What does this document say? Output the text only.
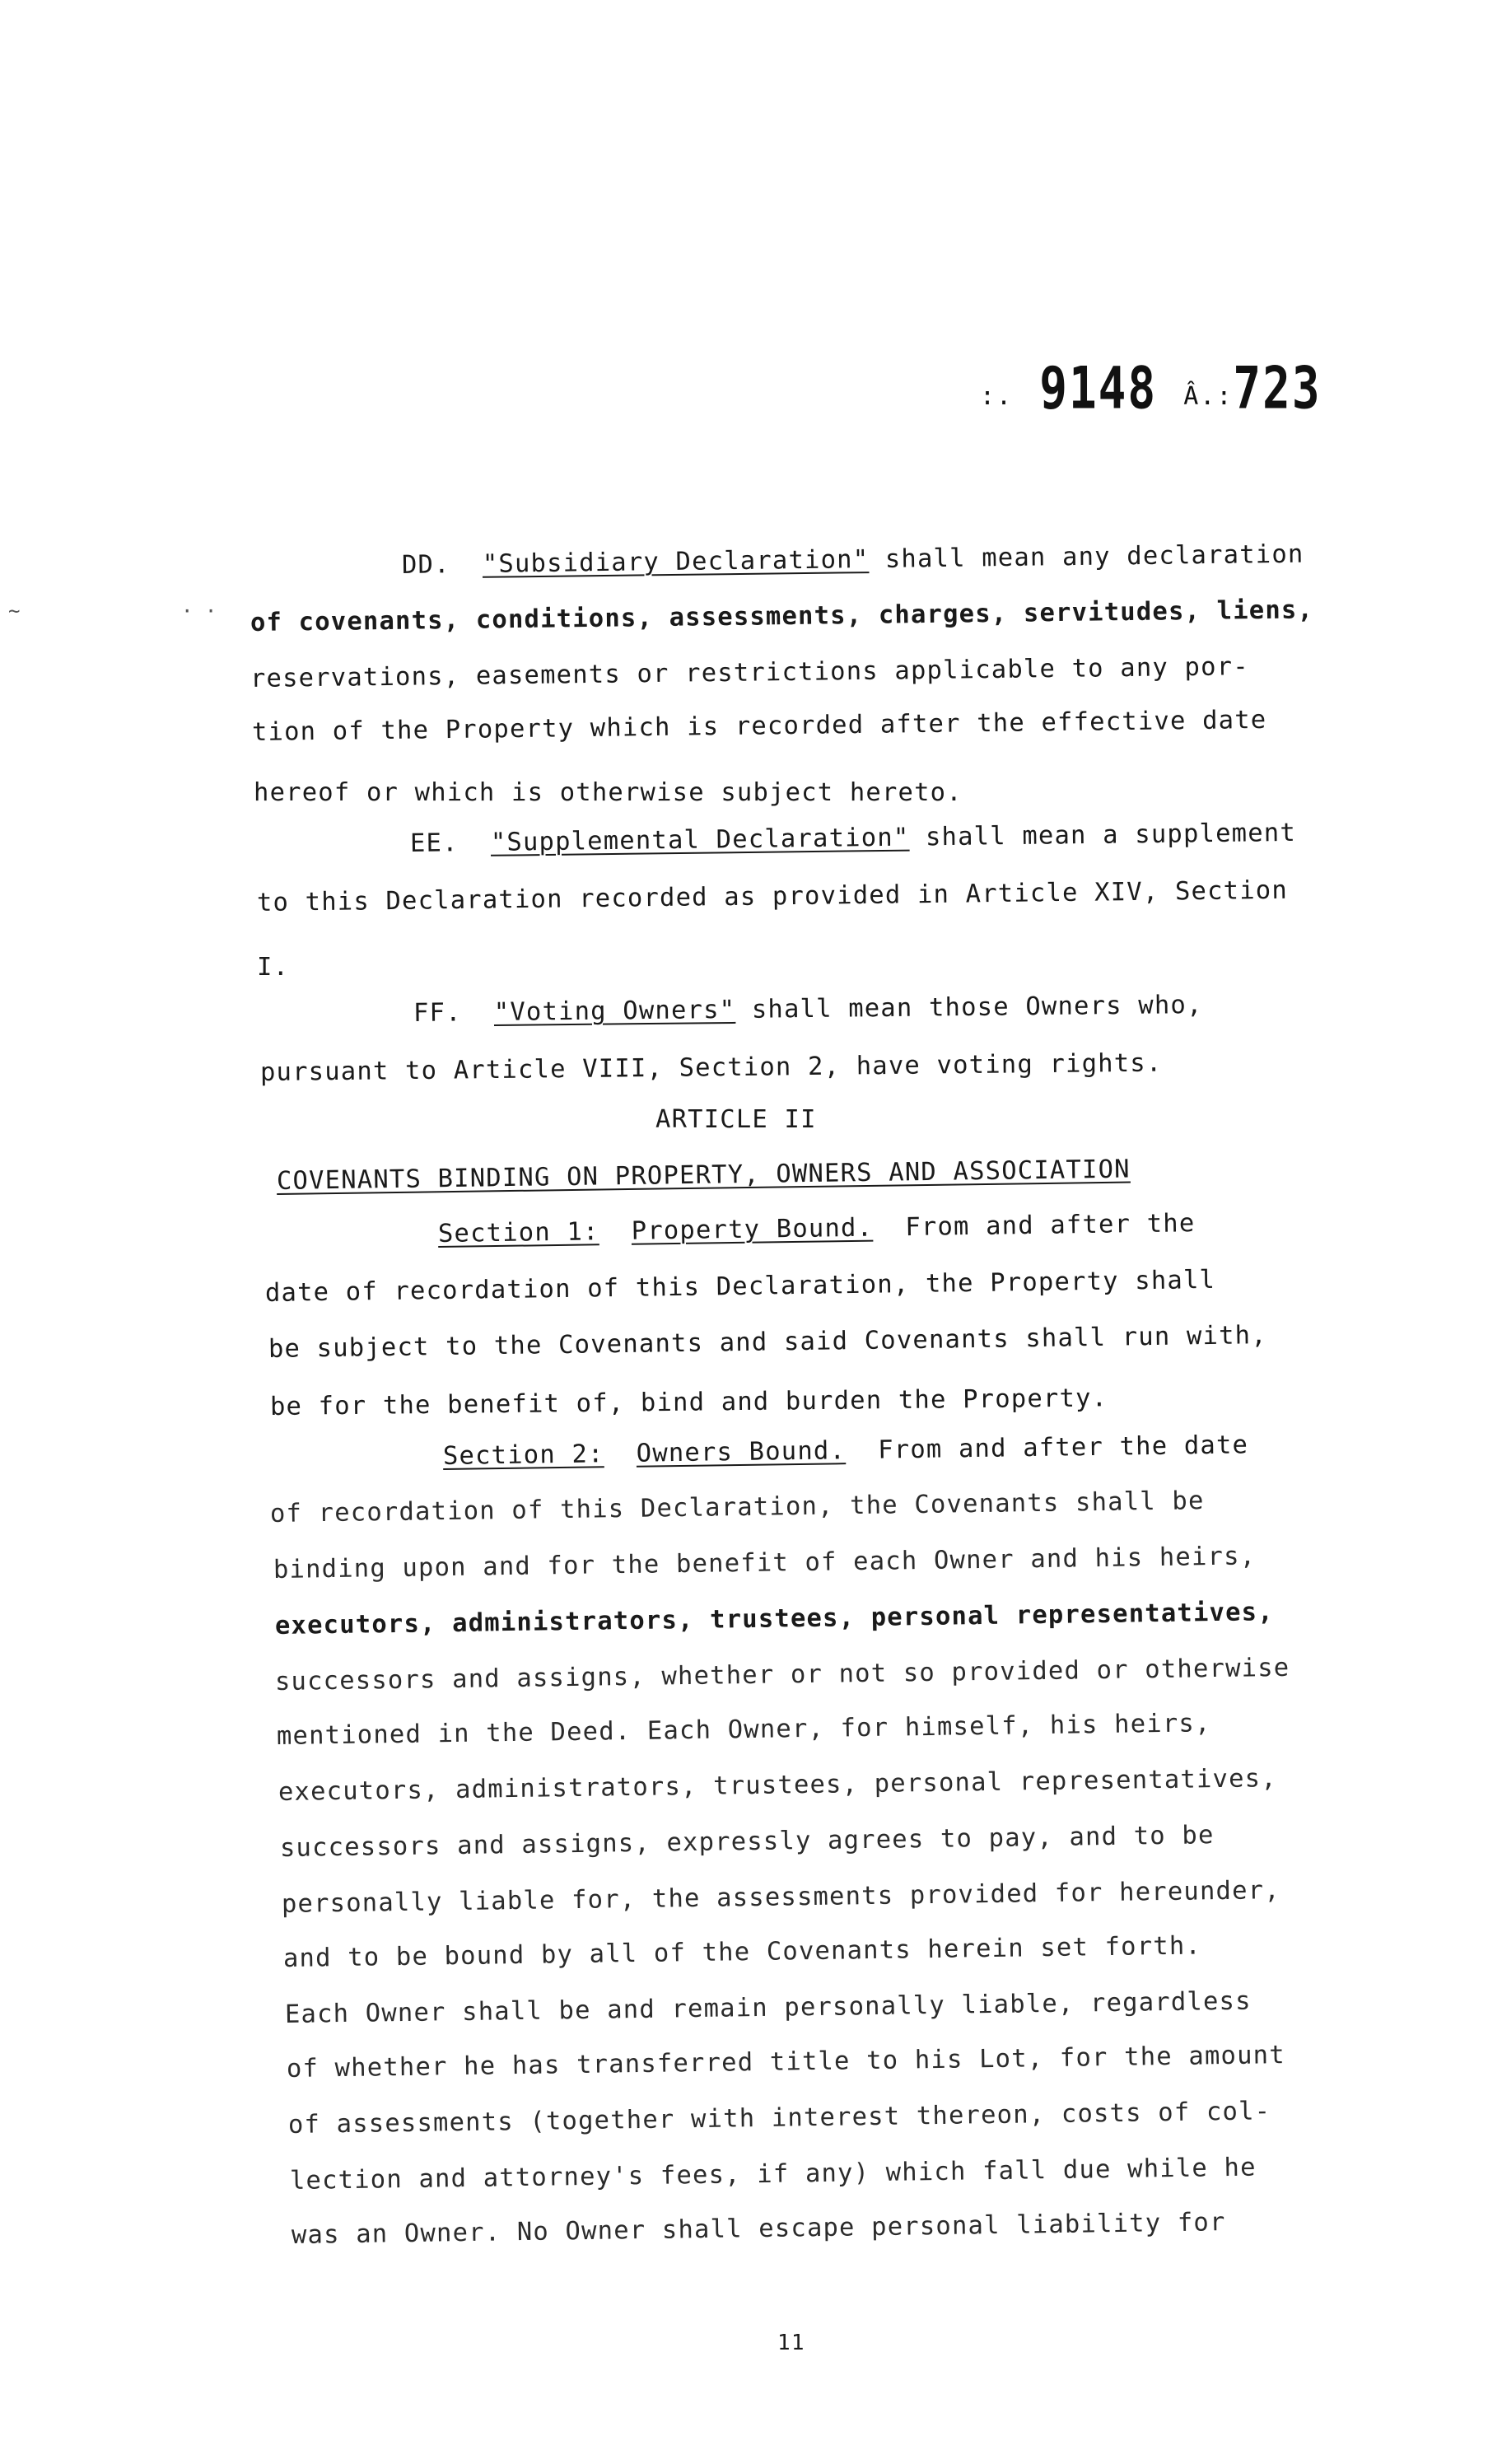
:. 9148 Â.:723
~	· ·
DD. "Subsidiary Declaration" shall mean any declaration
of covenants, conditions, assessments, charges, servitudes, liens,
reservations, easements or restrictions applicable to any por-
tion of the Property which is recorded after the effective date
hereof or which is otherwise subject hereto.
EE. "Supplemental Declaration" shall mean a supplement
to this Declaration recorded as provided in Article XIV, Section
I.
FF. "Voting Owners" shall mean those Owners who,
pursuant to Article VIII, Section 2, have voting rights.
ARTICLE II
COVENANTS BINDING ON PROPERTY, OWNERS AND ASSOCIATION
Section 1: Property Bound. From and after the
date of recordation of this Declaration, the Property shall
be subject to the Covenants and said Covenants shall run with,
be for the benefit of, bind and burden the Property.
Section 2: Owners Bound. From and after the date
of recordation of this Declaration, the Covenants shall be
binding upon and for the benefit of each Owner and his heirs,
executors, administrators, trustees, personal representatives,
successors and assigns, whether or not so provided or otherwise
mentioned in the Deed. Each Owner, for himself, his heirs,
executors, administrators, trustees, personal representatives,
successors and assigns, expressly agrees to pay, and to be
personally liable for, the assessments provided for hereunder,
and to be bound by all of the Covenants herein set forth.
Each Owner shall be and remain personally liable, regardless
of whether he has transferred title to his Lot, for the amount
of assessments (together with interest thereon, costs of col-
lection and attorney's fees, if any) which fall due while he
was an Owner. No Owner shall escape personal liability for
11
